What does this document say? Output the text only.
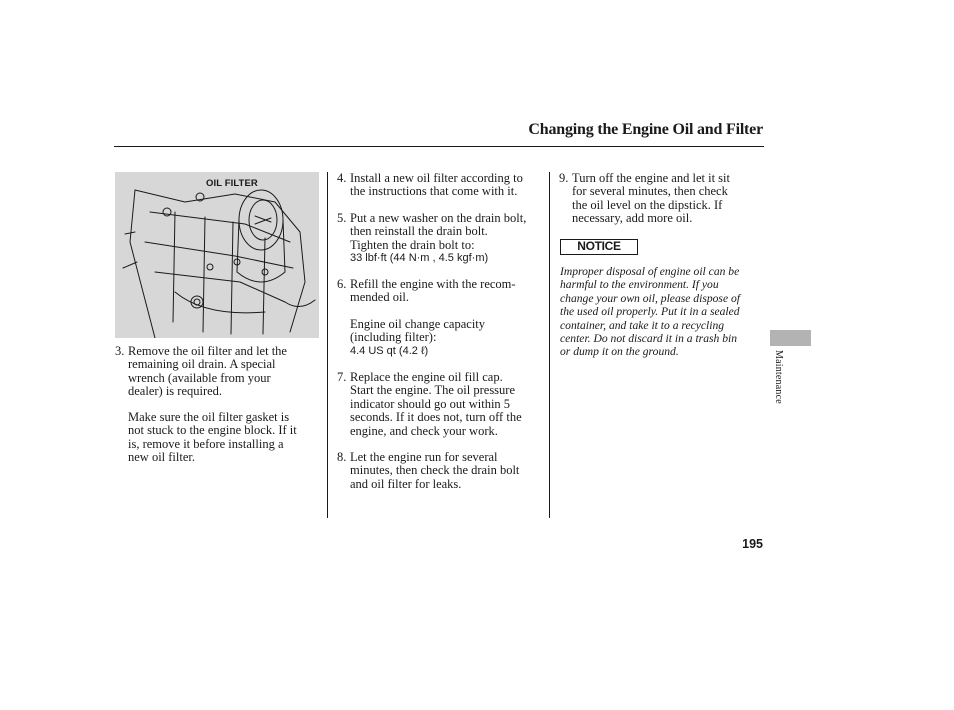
Changing the Engine Oil and Filter
OIL FILTER
3. Remove the oil filter and let the

remaining oil drain. A special

wrench (available from your

dealer) is required.

Make sure the oil filter gasket is

not stuck to the engine block. If it

is, remove it before installing a

new oil filter.

4. Install a new oil filter according to

the instructions that come with it.

5. Put a new washer on the drain bolt,

then reinstall the drain bolt.

Tighten the drain bolt to:

33 lbf·ft (44 N·m , 4.5 kgf·m)

6. Refill the engine with the recom-

mended oil.

Engine oil change capacity

(including filter):

4.4 US qt (4.2 ℓ)

7. Replace the engine oil fill cap.

Start the engine. The oil pressure

indicator should go out within 5

seconds. If it does not, turn off the

engine, and check your work.

8. Let the engine run for several

minutes, then check the drain bolt

and oil filter for leaks.

9. Turn off the engine and let it sit

for several minutes, then check

the oil level on the dipstick. If

necessary, add more oil.

NOTICE

Improper disposal of engine oil can be

harmful to the environment. If you

change your own oil, please dispose of

the used oil properly. Put it in a sealed

container, and take it to a recycling

center. Do not discard it in a trash bin

or dump it on the ground.	Maintenance
195
